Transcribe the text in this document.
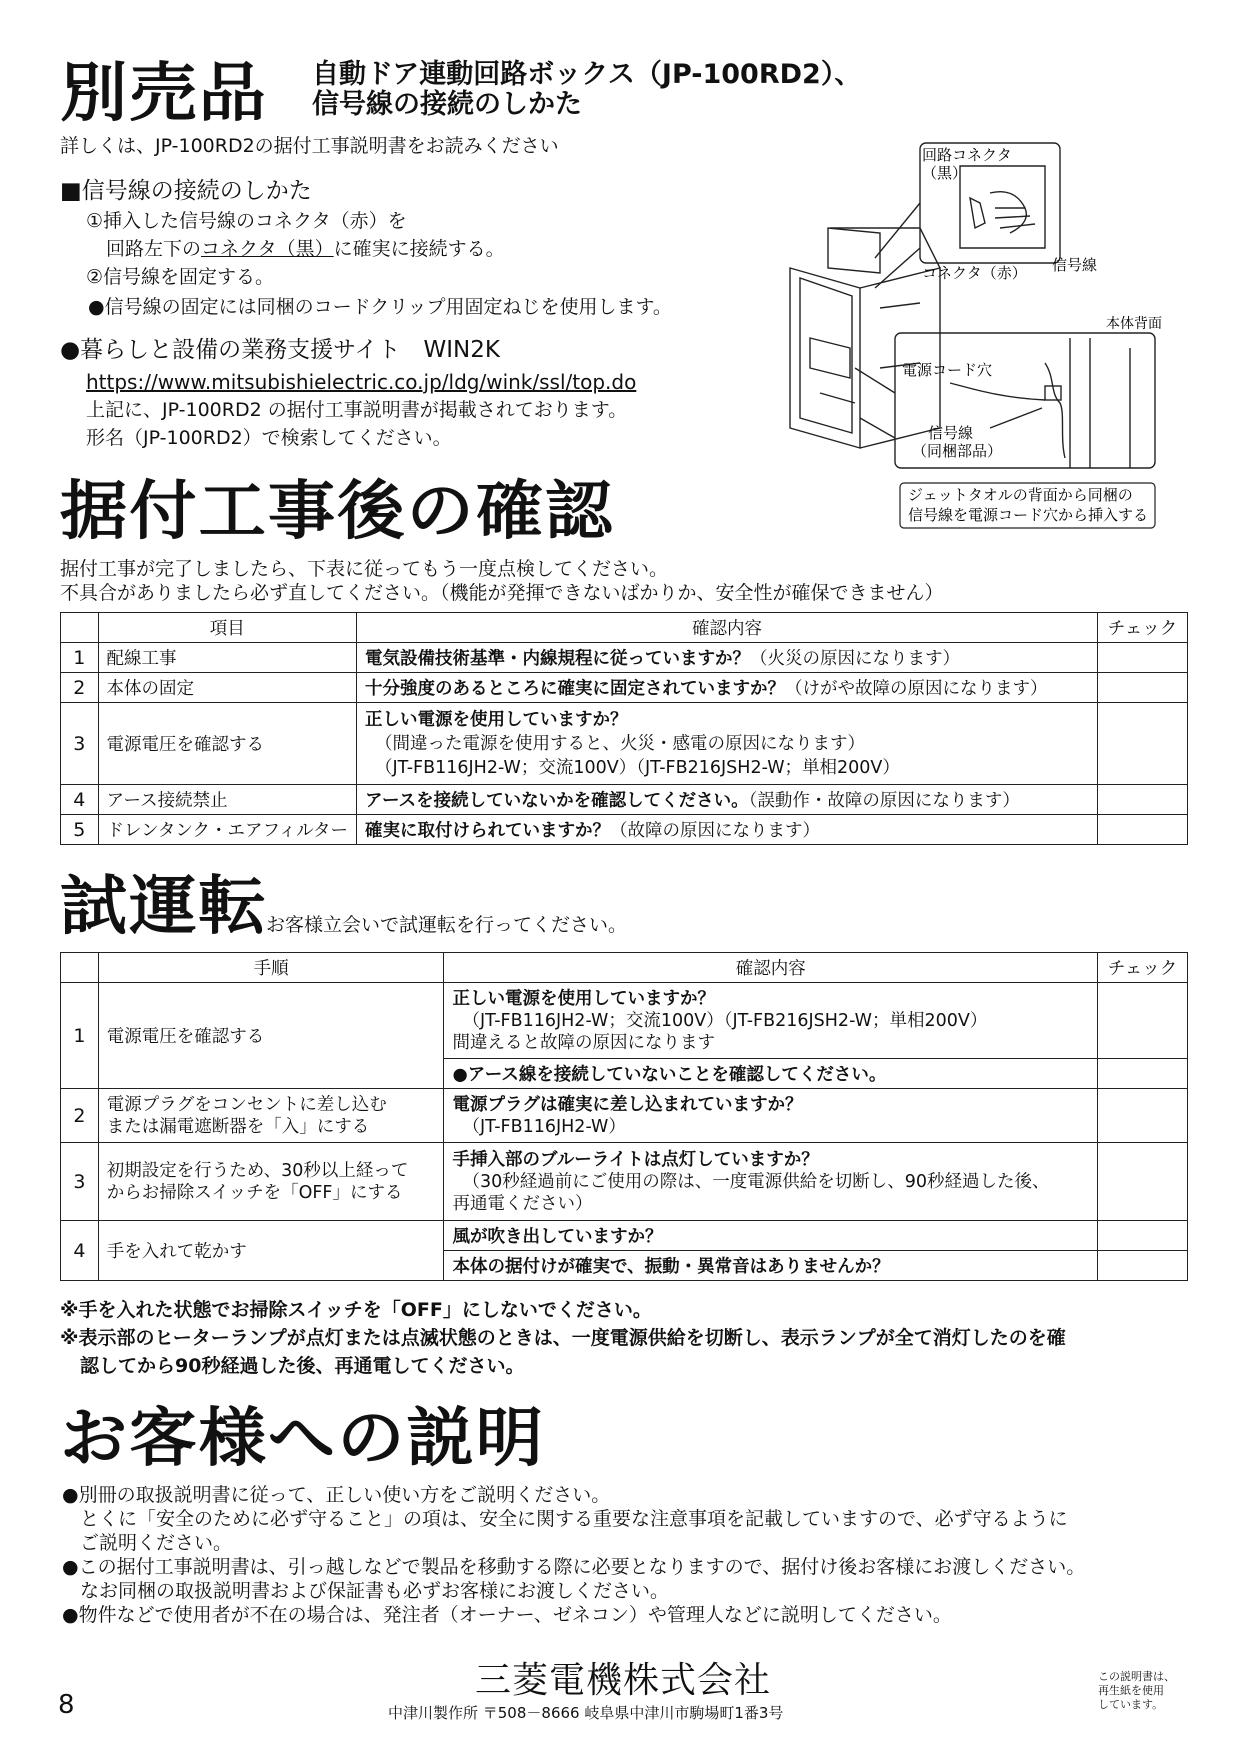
別売品 自動ドア連動回路ボックス（JP-100RD2）、
信号線の接続のしかた
詳しくは、JP-100RD2の据付工事説明書をお読みください
■信号線の接続のしかた
①挿入した信号線のコネクタ（赤）を
回路左下のコネクタ（黒）に確実に接続する。
②信号線を固定する。
●信号線の固定には同梱のコードクリップ用固定ねじを使用します。
●暮らしと設備の業務支援サイト　WIN2K
https://www.mitsubishielectric.co.jp/ldg/wink/ssl/top.do
上記に、JP-100RD2 の据付工事説明書が掲載されております。
形名（JP-100RD2）で検索してください。
回路コネクタ
（黒）
コネクタ（赤） 信号線
本体背面
電源コード穴
信号線
（同梱部品）
ジェットタオルの背面から同梱の
信号線を電源コード穴から挿入する
据付工事後の確認
据付工事が完了しましたら、下表に従ってもう一度点検してください。
不具合がありましたら必ず直してください。（機能が発揮できないばかりか、安全性が確保できません）
	項目	確認内容	チェック
1	配線工事	電気設備技術基準・内線規程に従っていますか？（火災の原因になります）	
2	本体の固定	十分強度のあるところに確実に固定されていますか？（けがや故障の原因になります）	
3	電源電圧を確認する	正しい電源を使用していますか？
（間違った電源を使用すると、火災・感電の原因になります）
（JT-FB116JH2-W；交流100V）（JT-FB216JSH2-W；単相200V）	

4	アース接続禁止	アースを接続していないかを確認してください。（誤動作・故障の原因になります）	
5	ドレンタンク・エアフィルター	確実に取付けられていますか？（故障の原因になります）	
試運転
お客様立会いで試運転を行ってください。
	手順	確認内容	チェック
1	電源電圧を確認する	正しい電源を使用していますか？
（JT-FB116JH2-W；交流100V）（JT-FB216JSH2-W；単相200V）
間違えると故障の原因になります	

		●アース線を接続していないことを確認してください。	
2	電源プラグをコンセントに差し込む
または漏電遮断器を「入」にする	電源プラグは確実に差し込まれていますか？
（JT-FB116JH2-W）	

3	初期設定を行うため、30秒以上経って
からお掃除スイッチを「OFF」にする	手挿入部のブルーライトは点灯していますか？
（30秒経過前にご使用の際は、一度電源供給を切断し、90秒経過した後、
再通電ください）	

4	手を入れて乾かす	風が吹き出していますか？	
		本体の据付けが確実で、振動・異常音はありませんか？	
※手を入れた状態でお掃除スイッチを「OFF」にしないでください。
※表示部のヒーターランプが点灯または点滅状態のときは、一度電源供給を切断し、表示ランプが全て消灯したのを確
認してから90秒経過した後、再通電してください。
お客様への説明
●別冊の取扱説明書に従って、正しい使い方をご説明ください。
とくに「安全のために必ず守ること」の項は、安全に関する重要な注意事項を記載していますので、必ず守るように
ご説明ください。
●この据付工事説明書は、引っ越しなどで製品を移動する際に必要となりますので、据付け後お客様にお渡しください。
なお同梱の取扱説明書および保証書も必ずお客様にお渡しください。
●物件などで使用者が不在の場合は、発注者（オーナー、ゼネコン）や管理人などに説明してください。
8
三菱電機株式会社
中津川製作所 〒508－8666 岐阜県中津川市駒場町1番3号
この説明書は、
再生紙を使用
しています。
